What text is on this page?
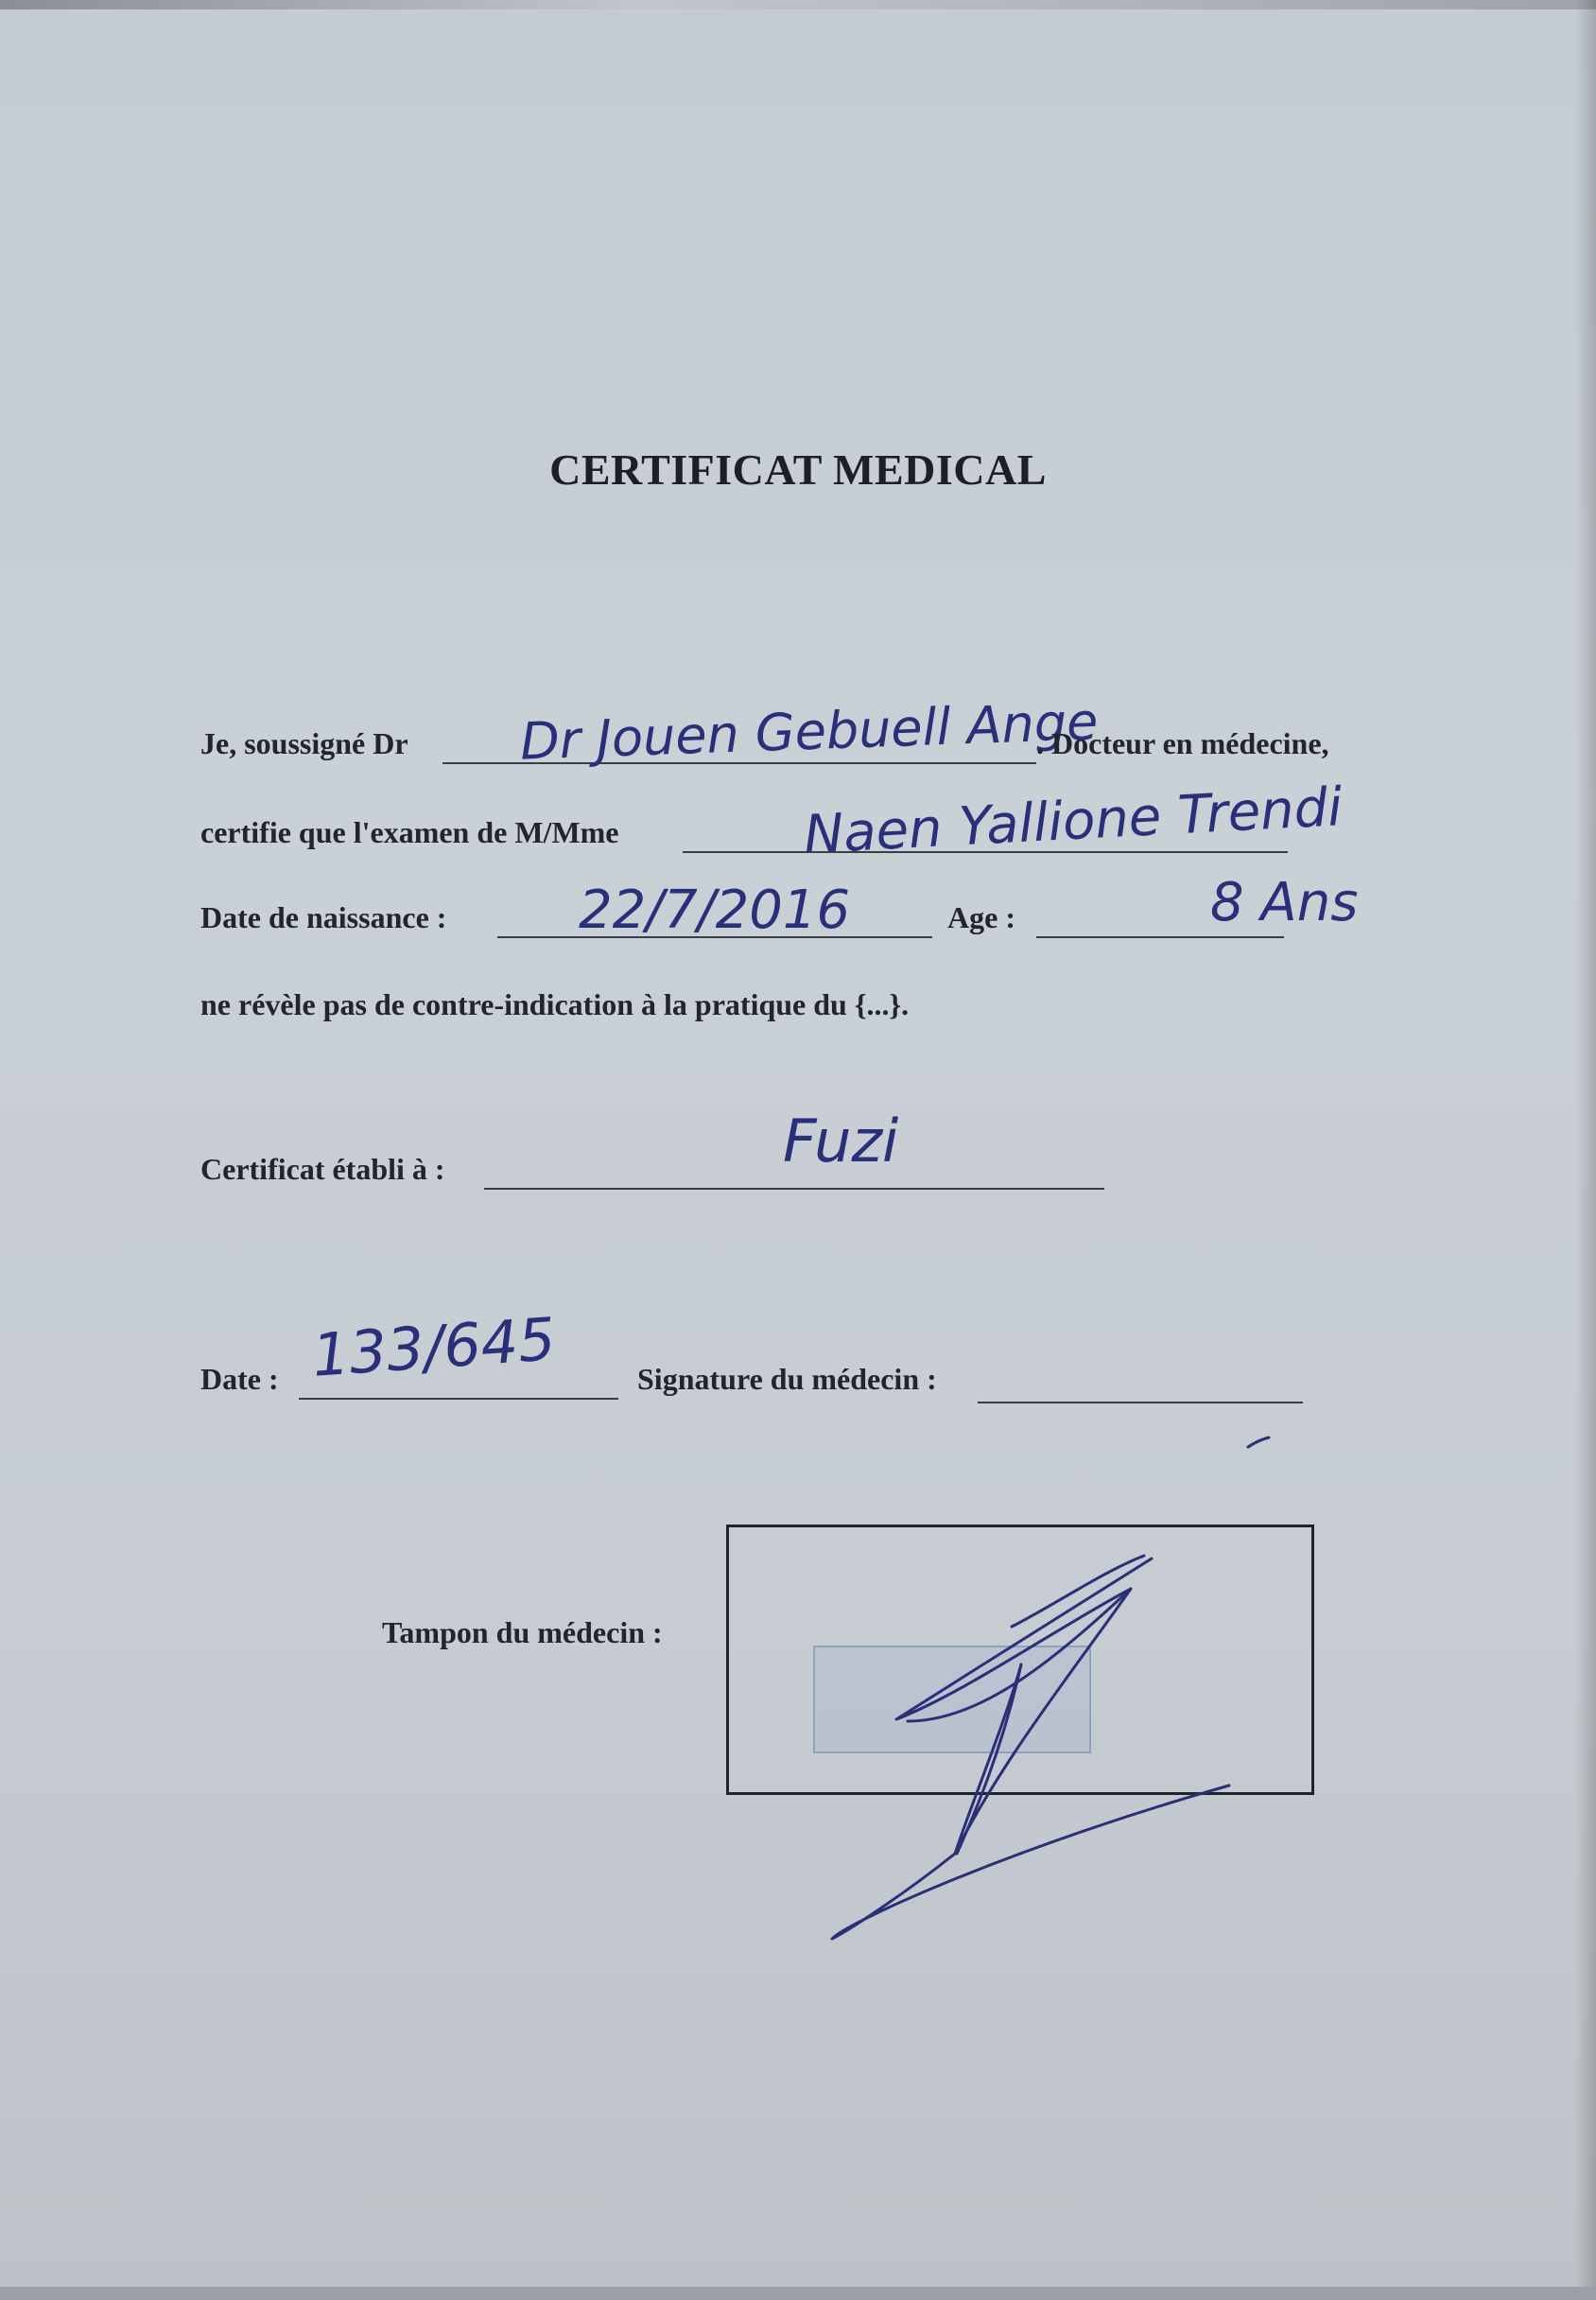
CERTIFICAT MEDICAL
Je, soussigné Dr Dr Jouen Gebuell Ange
. Docteur en médecine,
certifie que l'examen de M/Mme	Naen Yallione Trendi
Date de naissance : 22/7/2016	Age :	8 Ans
ne révèle pas de contre-indication à la pratique du {...}.
Certificat établi à :	Fuzi
Date : 133/645	Signature du médecin :
Tampon du médecin :
